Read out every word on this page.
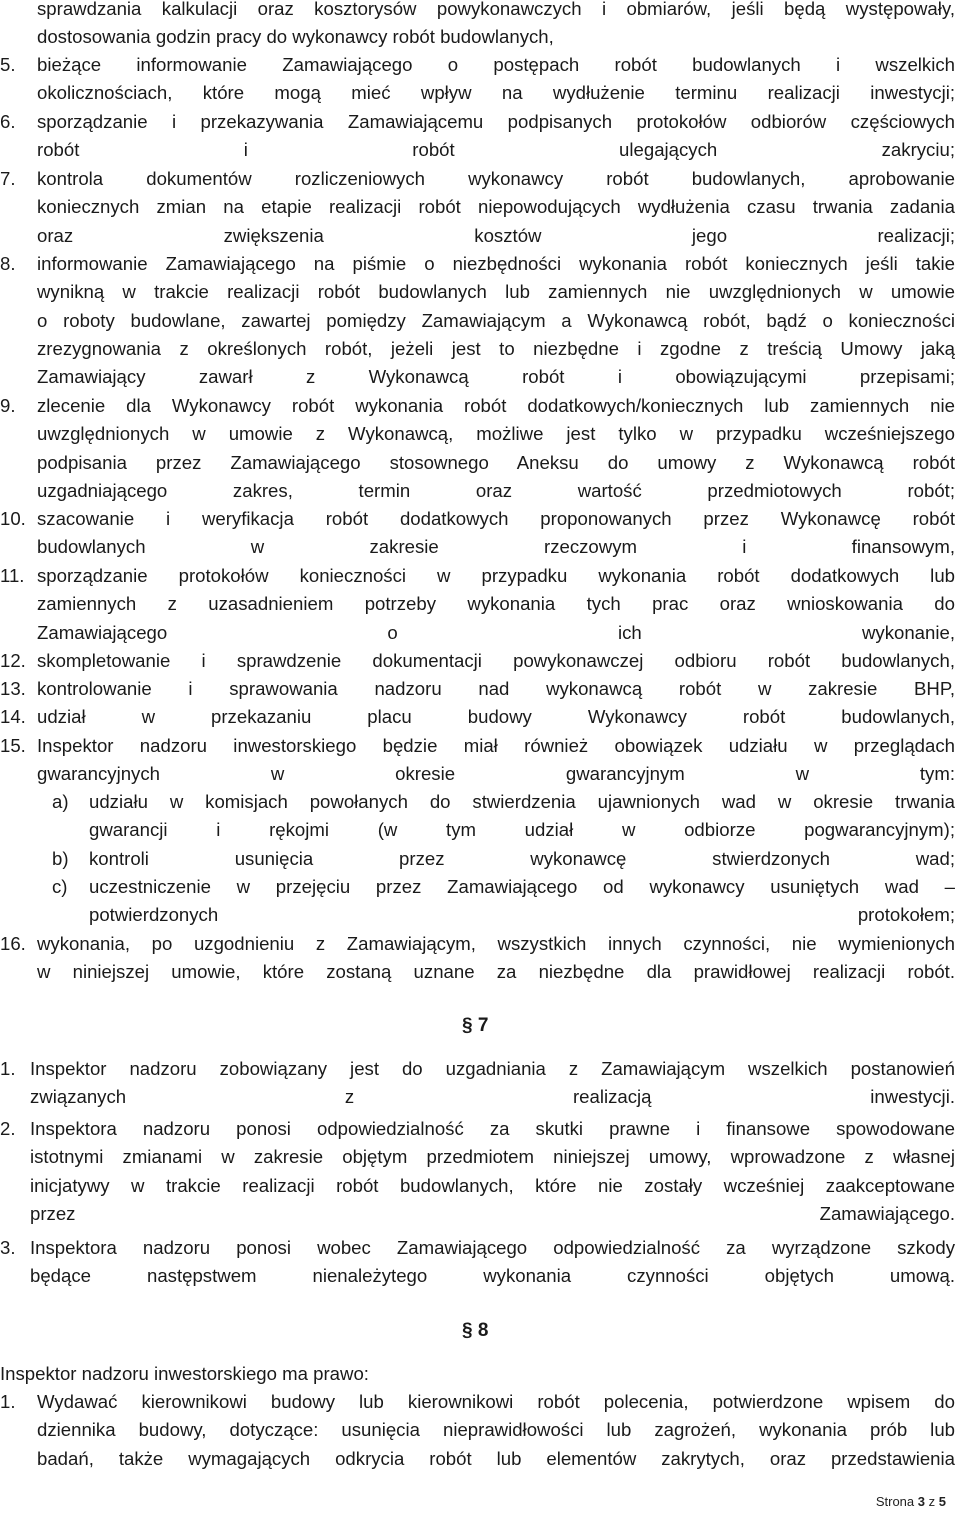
sprawdzania kalkulacji oraz kosztorysów powykonawczych i obmiarów, jeśli będą występowały,
dostosowania godzin pracy do wykonawcy robót budowlanych,
5. bieżące informowanie Zamawiającego o postępach robót budowlanych i wszelkich
okolicznościach, które mogą mieć wpływ na wydłużenie terminu realizacji inwestycji;
6. sporządzanie i przekazywania Zamawiającemu podpisanych protokołów odbiorów częściowych
robót i robót ulegających zakryciu;
7. kontrola dokumentów rozliczeniowych wykonawcy robót budowlanych, aprobowanie
koniecznych zmian na etapie realizacji robót niepowodujących wydłużenia czasu trwania zadania
oraz zwiększenia kosztów jego realizacji;
8. informowanie Zamawiającego na piśmie o niezbędności wykonania robót koniecznych jeśli takie
wynikną w trakcie realizacji robót budowlanych lub zamiennych nie uwzględnionych w umowie
o roboty budowlane, zawartej pomiędzy Zamawiającym a Wykonawcą robót, bądź o konieczności
zrezygnowania z określonych robót, jeżeli jest to niezbędne i zgodne z treścią Umowy jaką
Zamawiający zawarł z Wykonawcą robót i obowiązującymi przepisami;
9. zlecenie dla Wykonawcy robót wykonania robót dodatkowych/koniecznych lub zamiennych nie
uwzględnionych w umowie z Wykonawcą, możliwe jest tylko w przypadku wcześniejszego
podpisania przez Zamawiającego stosownego Aneksu do umowy z Wykonawcą robót
uzgadniającego zakres, termin oraz wartość przedmiotowych robót;
10. szacowanie i weryfikacja robót dodatkowych proponowanych przez Wykonawcę robót
budowlanych w zakresie rzeczowym i finansowym,
11. sporządzanie protokołów konieczności w przypadku wykonania robót dodatkowych lub
zamiennych z uzasadnieniem potrzeby wykonania tych prac oraz wnioskowania do
Zamawiającego o ich wykonanie,
12. skompletowanie i sprawdzenie dokumentacji powykonawczej odbioru robót budowlanych,
13. kontrolowanie i sprawowania nadzoru nad wykonawcą robót w zakresie BHP,
14. udział w przekazaniu placu budowy Wykonawcy robót budowlanych,
15. Inspektor nadzoru inwestorskiego będzie miał również obowiązek udziału w przeglądach
gwarancyjnych w okresie gwarancyjnym w tym:
a) udziału w komisjach powołanych do stwierdzenia ujawnionych wad w okresie trwania
gwarancji i rękojmi (w tym udział w odbiorze pogwarancyjnym);
b) kontroli usunięcia przez wykonawcę stwierdzonych wad;
c) uczestniczenie w przejęciu przez Zamawiającego od wykonawcy usuniętych wad –
potwierdzonych protokołem;
16. wykonania, po uzgodnieniu z Zamawiającym, wszystkich innych czynności, nie wymienionych
w niniejszej umowie, które zostaną uznane za niezbędne dla prawidłowej realizacji robót.
§ 7
1. Inspektor nadzoru zobowiązany jest do uzgadniania z Zamawiającym wszelkich postanowień
związanych z realizacją inwestycji.
2. Inspektora nadzoru ponosi odpowiedzialność za skutki prawne i finansowe spowodowane
istotnymi zmianami w zakresie objętym przedmiotem niniejszej umowy, wprowadzone z własnej
inicjatywy w trakcie realizacji robót budowlanych, które nie zostały wcześniej zaakceptowane
przez Zamawiającego.
3. Inspektora nadzoru ponosi wobec Zamawiającego odpowiedzialność za wyrządzone szkody
będące następstwem nienależytego wykonania czynności objętych umową.
§ 8
Inspektor nadzoru inwestorskiego ma prawo:
1. Wydawać kierownikowi budowy lub kierownikowi robót polecenia, potwierdzone wpisem do
dziennika budowy, dotyczące: usunięcia nieprawidłowości lub zagrożeń, wykonania prób lub
badań, także wymagających odkrycia robót lub elementów zakrytych, oraz przedstawienia
Strona 3 z 5
